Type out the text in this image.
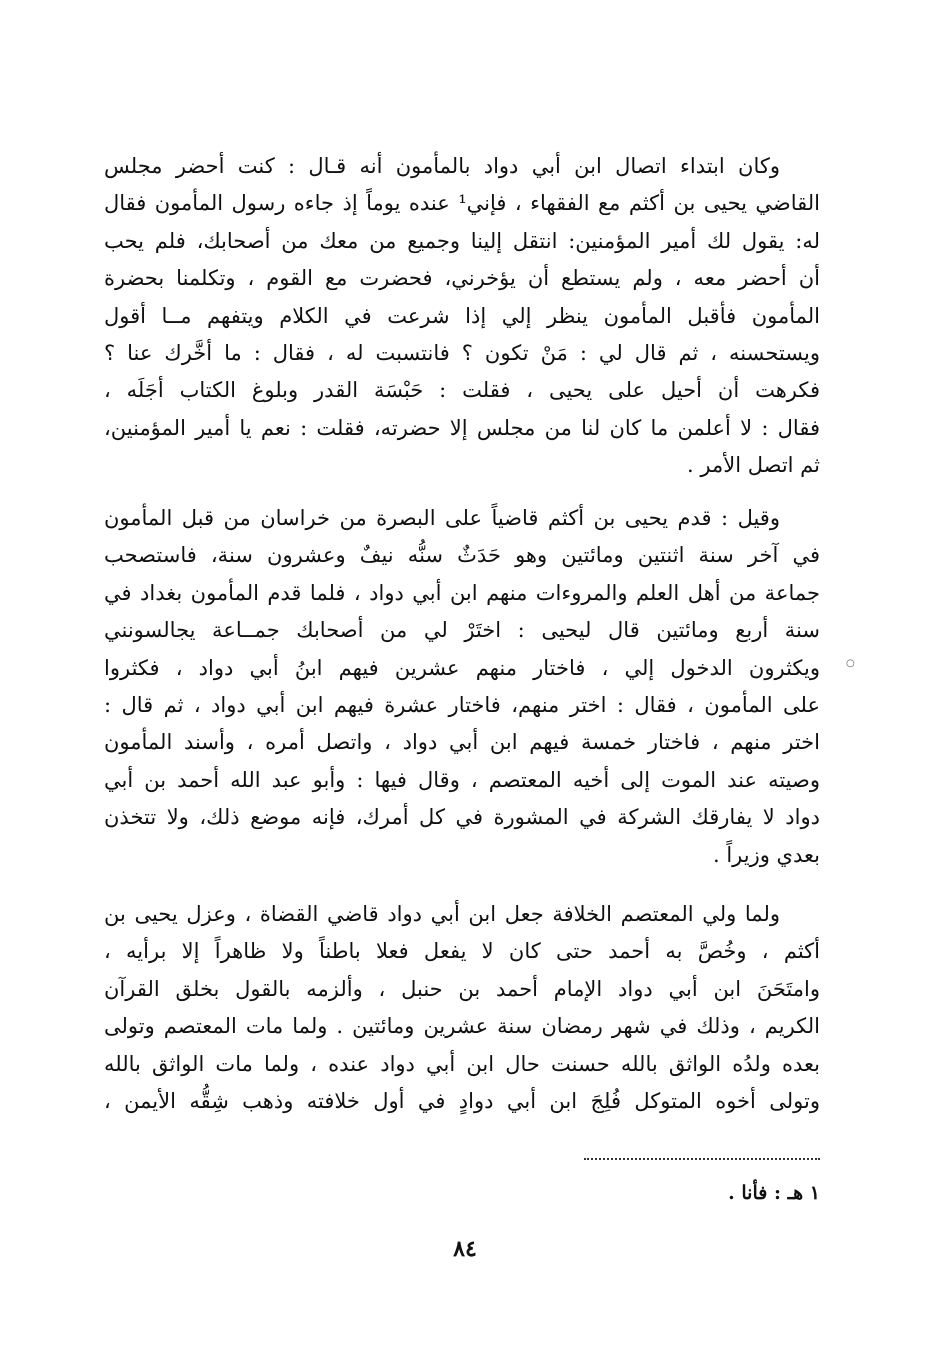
وكان ابتداء اتصال ابن أبي دواد بالمأمون أنه قـال : كنت أحضر مجلس
القاضي يحيى بن أكثم مع الفقهاء ، فإني¹ عنده يوماً إذ جاءه رسول المأمون فقال
له: يقول لك أمير المؤمنين: انتقل إلينا وجميع من معك من أصحابك، فلم يحب
أن أحضر معه ، ولم يستطع أن يؤخرني، فحضرت مع القوم ، وتكلمنا بحضرة
المأمون فأقبل المأمون ينظر إلي إذا شرعت في الكلام ويتفهم مــا أقول
ويستحسنه ، ثم قال لي : مَنْ تكون ؟ فانتسبت له ، فقال : ما أخَّرك عنا ؟
فكرهت أن أحيل على يحيى ، فقلت : حَبْسَة القدر وبلوغ الكتاب أجَلَه ،
فقال : لا أعلمن ما كان لنا من مجلس إلا حضرته، فقلت : نعم يا أمير المؤمنين،
ثم اتصل الأمر .
وقيل : قدم يحيى بن أكثم قاضياً على البصرة من خراسان من قبل المأمون
في آخر سنة اثنتين ومائتين وهو حَدَثٌ سنُّه نيفٌ وعشرون سنة، فاستصحب
جماعة من أهل العلم والمروءات منهم ابن أبي دواد ، فلما قدم المأمون بغداد في
سنة أربع ومائتين قال ليحيى : اختَرْ لي من أصحابك جمــاعة يجالسونني
ويكثرون الدخول إلي ، فاختار منهم عشرين فيهم ابنُ أبي دواد ، فكثروا
على المأمون ، فقال : اختر منهم، فاختار عشرة فيهم ابن أبي دواد ، ثم قال :
اختر منهم ، فاختار خمسة فيهم ابن أبي دواد ، واتصل أمره ، وأسند المأمون
وصيته عند الموت إلى أخيه المعتصم ، وقال فيها : وأبو عبد الله أحمد بن أبي
دواد لا يفارقك الشركة في المشورة في كل أمرك، فإنه موضع ذلك، ولا تتخذن
بعدي وزيراً .
ولما ولي المعتصم الخلافة جعل ابن أبي دواد قاضي القضاة ، وعزل يحيى بن
أكثم ، وخُصَّ به أحمد حتى كان لا يفعل فعلا باطناً ولا ظاهراً إلا برأيه ،
وامتَحَنَ ابن أبي دواد الإمام أحمد بن حنبل ، وألزمه بالقول بخلق القرآن
الكريم ، وذلك في شهر رمضان سنة عشرين ومائتين . ولما مات المعتصم وتولى
بعده ولدُه الواثق بالله حسنت حال ابن أبي دواد عنده ، ولما مات الواثق بالله
وتولى أخوه المتوكل فُلِجَ ابن أبي دوادٍ في أول خلافته وذهب شِقُّه الأيمن ،
١ هـ : فأنا .
٨٤
○
